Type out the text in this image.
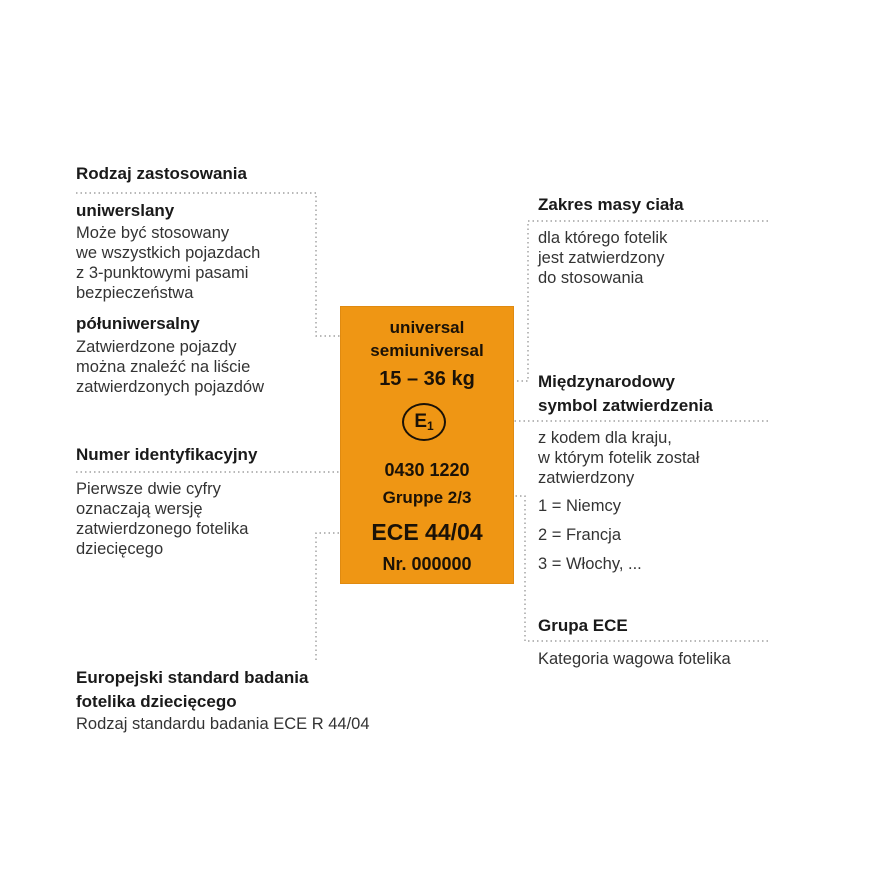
Rodzaj zastosowania
uniwerslany
Może być stosowany
we wszystkich pojazdach
z 3-punktowymi pasami
bezpieczeństwa
półuniwersalny
Zatwierdzone pojazdy
można znaleźć na liście
zatwierdzonych pojazdów
Numer identyfikacyjny
Pierwsze dwie cyfry
oznaczają wersję
zatwierdzonego fotelika
dziecięcego
Europejski standard badania
fotelika dziecięcego
Rodzaj standardu badania ECE R 44/04
Zakres masy ciała
dla którego fotelik
jest zatwierdzony
do stosowania
Międzynarodowy
symbol zatwierdzenia
z kodem dla kraju,
w którym fotelik został
zatwierdzony
1 = Niemcy
2 = Francja
3 = Włochy, ...
Grupa ECE
Kategoria wagowa fotelika
universal
semiuniversal
15 – 36 kg
0430 1220
Gruppe 2/3
ECE 44/04
Nr. 000000
$E_1$
